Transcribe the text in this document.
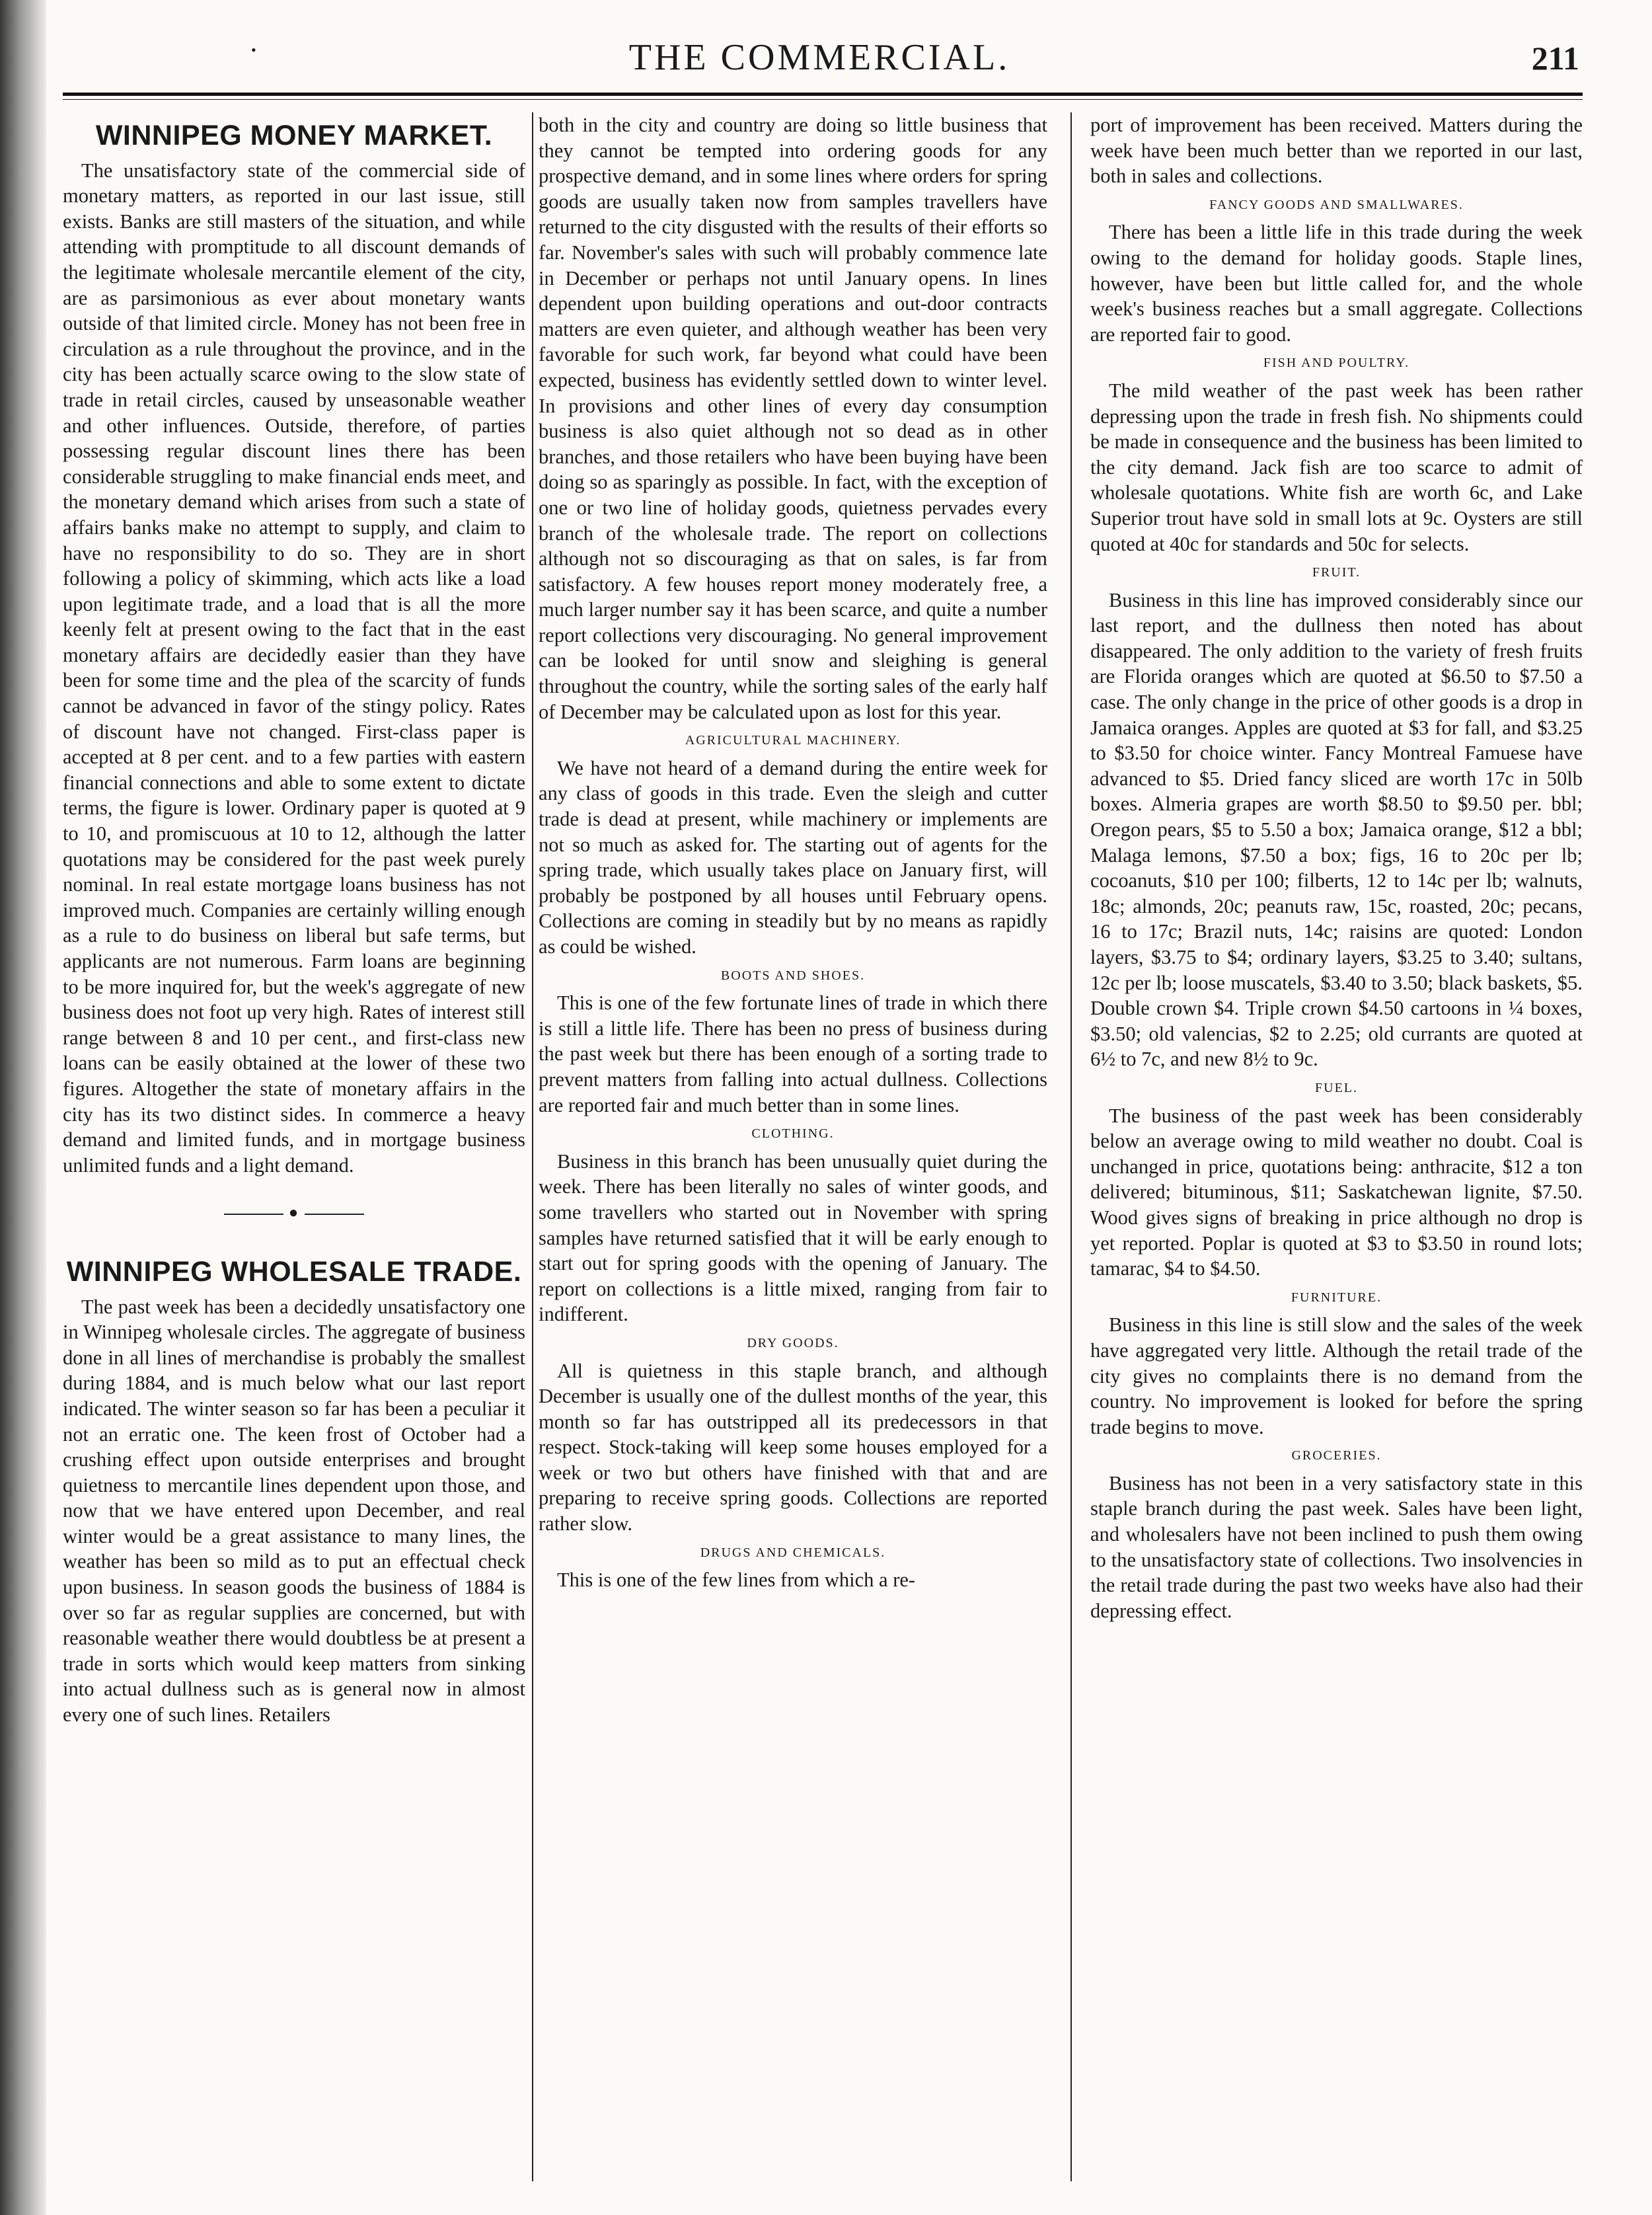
•	THE COMMERCIAL.	211
WINNIPEG MONEY MARKET.

The unsatisfactory state of the commercial side of monetary matters, as reported in our last issue, still exists. Banks are still masters of the situation, and while attending with promptitude to all discount demands of the legitimate wholesale mercantile element of the city, are as parsimonious as ever about monetary wants outside of that limited circle. Money has not been free in circulation as a rule throughout the province, and in the city has been actually scarce owing to the slow state of trade in retail circles, caused by unseasonable weather and other influences. Outside, therefore, of parties possessing regular discount lines there has been considerable struggling to make financial ends meet, and the monetary demand which arises from such a state of affairs banks make no attempt to supply, and claim to have no responsibility to do so. They are in short following a policy of skimming, which acts like a load upon legitimate trade, and a load that is all the more keenly felt at present owing to the fact that in the east monetary affairs are decidedly easier than they have been for some time and the plea of the scarcity of funds cannot be advanced in favor of the stingy policy. Rates of discount have not changed. First-class paper is accepted at 8 per cent. and to a few parties with eastern financial connections and able to some extent to dictate terms, the figure is lower. Ordinary paper is quoted at 9 to 10, and promiscuous at 10 to 12, although the latter quotations may be considered for the past week purely nominal. In real estate mortgage loans business has not improved much. Companies are certainly willing enough as a rule to do business on liberal but safe terms, but applicants are not numerous. Farm loans are beginning to be more inquired for, but the week's aggregate of new business does not foot up very high. Rates of interest still range between 8 and 10 per cent., and first-class new loans can be easily obtained at the lower of these two figures. Altogether the state of monetary affairs in the city has its two distinct sides. In commerce a heavy demand and limited funds, and in mortgage business unlimited funds and a light demand.

●
WINNIPEG WHOLESALE TRADE.

The past week has been a decidedly unsatisfactory one in Winnipeg wholesale circles. The aggregate of business done in all lines of merchandise is probably the smallest during 1884, and is much below what our last report indicated. The winter season so far has been a peculiar it not an erratic one. The keen frost of October had a crushing effect upon outside enterprises and brought quietness to mercantile lines dependent upon those, and now that we have entered upon December, and real winter would be a great assistance to many lines, the weather has been so mild as to put an effectual check upon business. In season goods the business of 1884 is over so far as regular supplies are concerned, but with reasonable weather there would doubtless be at present a trade in sorts which would keep matters from sinking into actual dullness such as is general now in almost every one of such lines. Retailers

both in the city and country are doing so little business that they cannot be tempted into ordering goods for any prospective demand, and in some lines where orders for spring goods are usually taken now from samples travellers have returned to the city disgusted with the results of their efforts so far. November's sales with such will probably commence late in December or perhaps not until January opens. In lines dependent upon building operations and out-door contracts matters are even quieter, and although weather has been very favorable for such work, far beyond what could have been expected, business has evidently settled down to winter level. In provisions and other lines of every day consumption business is also quiet although not so dead as in other branches, and those retailers who have been buying have been doing so as sparingly as possible. In fact, with the exception of one or two line of holiday goods, quietness pervades every branch of the wholesale trade. The report on collections although not so discouraging as that on sales, is far from satisfactory. A few houses report money moderately free, a much larger number say it has been scarce, and quite a number report collections very discouraging. No general improvement can be looked for until snow and sleighing is general throughout the country, while the sorting sales of the early half of December may be calculated upon as lost for this year.

AGRICULTURAL MACHINERY.

We have not heard of a demand during the entire week for any class of goods in this trade. Even the sleigh and cutter trade is dead at present, while machinery or implements are not so much as asked for. The starting out of agents for the spring trade, which usually takes place on January first, will probably be postponed by all houses until February opens. Collections are coming in steadily but by no means as rapidly as could be wished.

BOOTS AND SHOES.

This is one of the few fortunate lines of trade in which there is still a little life. There has been no press of business during the past week but there has been enough of a sorting trade to prevent matters from falling into actual dullness. Collections are reported fair and much better than in some lines.

CLOTHING.

Business in this branch has been unusually quiet during the week. There has been literally no sales of winter goods, and some travellers who started out in November with spring samples have returned satisfied that it will be early enough to start out for spring goods with the opening of January. The report on collections is a little mixed, ranging from fair to indifferent.

DRY GOODS.

All is quietness in this staple branch, and although December is usually one of the dullest months of the year, this month so far has outstripped all its predecessors in that respect. Stock-taking will keep some houses employed for a week or two but others have finished with that and are preparing to receive spring goods. Collections are reported rather slow.

DRUGS AND CHEMICALS.

This is one of the few lines from which a re-

port of improvement has been received. Matters during the week have been much better than we reported in our last, both in sales and collections.

FANCY GOODS AND SMALLWARES.

There has been a little life in this trade during the week owing to the demand for holiday goods. Staple lines, however, have been but little called for, and the whole week's business reaches but a small aggregate. Collections are reported fair to good.

FISH AND POULTRY.

The mild weather of the past week has been rather depressing upon the trade in fresh fish. No shipments could be made in consequence and the business has been limited to the city demand. Jack fish are too scarce to admit of wholesale quotations. White fish are worth 6c, and Lake Superior trout have sold in small lots at 9c. Oysters are still quoted at 40c for standards and 50c for selects.

FRUIT.

Business in this line has improved considerably since our last report, and the dullness then noted has about disappeared. The only addition to the variety of fresh fruits are Florida oranges which are quoted at $6.50 to $7.50 a case. The only change in the price of other goods is a drop in Jamaica oranges. Apples are quoted at $3 for fall, and $3.25 to $3.50 for choice winter. Fancy Montreal Famuese have advanced to $5. Dried fancy sliced are worth 17c in 50lb boxes. Almeria grapes are worth $8.50 to $9.50 per. bbl; Oregon pears, $5 to 5.50 a box; Jamaica orange, $12 a bbl; Malaga lemons, $7.50 a box; figs, 16 to 20c per lb; cocoanuts, $10 per 100; filberts, 12 to 14c per lb; walnuts, 18c; almonds, 20c; peanuts raw, 15c, roasted, 20c; pecans, 16 to 17c; Brazil nuts, 14c; raisins are quoted: London layers, $3.75 to $4; ordinary layers, $3.25 to 3.40; sultans, 12c per lb; loose muscatels, $3.40 to 3.50; black baskets, $5. Double crown $4. Triple crown $4.50 cartoons in ¼ boxes, $3.50; old valencias, $2 to 2.25; old currants are quoted at 6½ to 7c, and new 8½ to 9c.

FUEL.

The business of the past week has been considerably below an average owing to mild weather no doubt. Coal is unchanged in price, quotations being: anthracite, $12 a ton delivered; bituminous, $11; Saskatchewan lignite, $7.50. Wood gives signs of breaking in price although no drop is yet reported. Poplar is quoted at $3 to $3.50 in round lots; tamarac, $4 to $4.50.

FURNITURE.

Business in this line is still slow and the sales of the week have aggregated very little. Although the retail trade of the city gives no complaints there is no demand from the country. No improvement is looked for before the spring trade begins to move.

GROCERIES.

Business has not been in a very satisfactory state in this staple branch during the past week. Sales have been light, and wholesalers have not been inclined to push them owing to the unsatisfactory state of collections. Two insolvencies in the retail trade during the past two weeks have also had their depressing effect.
